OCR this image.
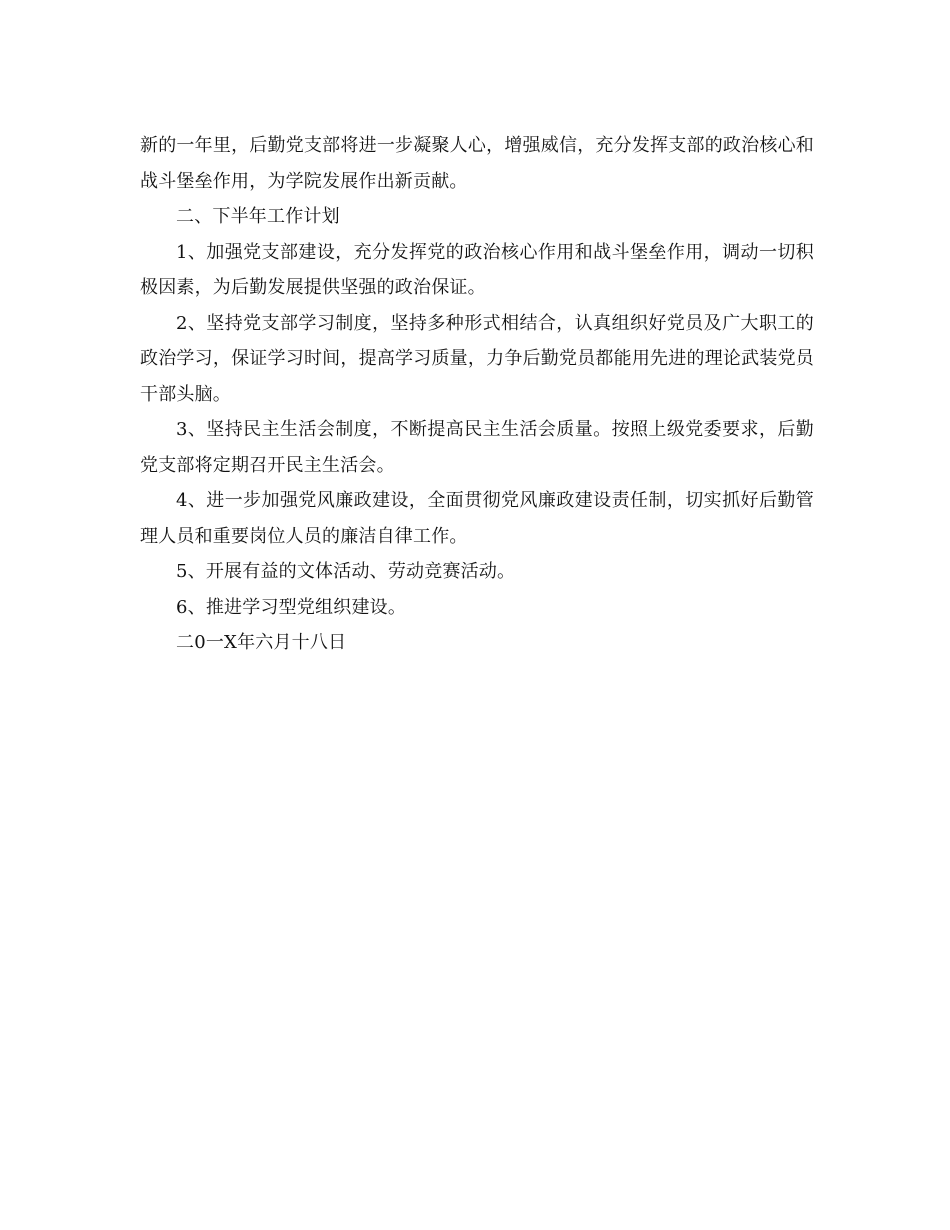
新的一年里，后勤党支部将进一步凝聚人心，增强威信，充分发挥支部的政治核心和战斗堡垒作用，为学院发展作出新贡献。

二、下半年工作计划

1、加强党支部建设，充分发挥党的政治核心作用和战斗堡垒作用，调动一切积极因素，为后勤发展提供坚强的政治保证。

2、坚持党支部学习制度，坚持多种形式相结合，认真组织好党员及广大职工的政治学习，保证学习时间，提高学习质量，力争后勤党员都能用先进的理论武装党员干部头脑。

3、坚持民主生活会制度，不断提高民主生活会质量。按照上级党委要求，后勤党支部将定期召开民主生活会。

4、进一步加强党风廉政建设，全面贯彻党风廉政建设责任制，切实抓好后勤管理人员和重要岗位人员的廉洁自律工作。

5、开展有益的文体活动、劳动竞赛活动。

6、推进学习型党组织建设。

二0一X年六月十八日
